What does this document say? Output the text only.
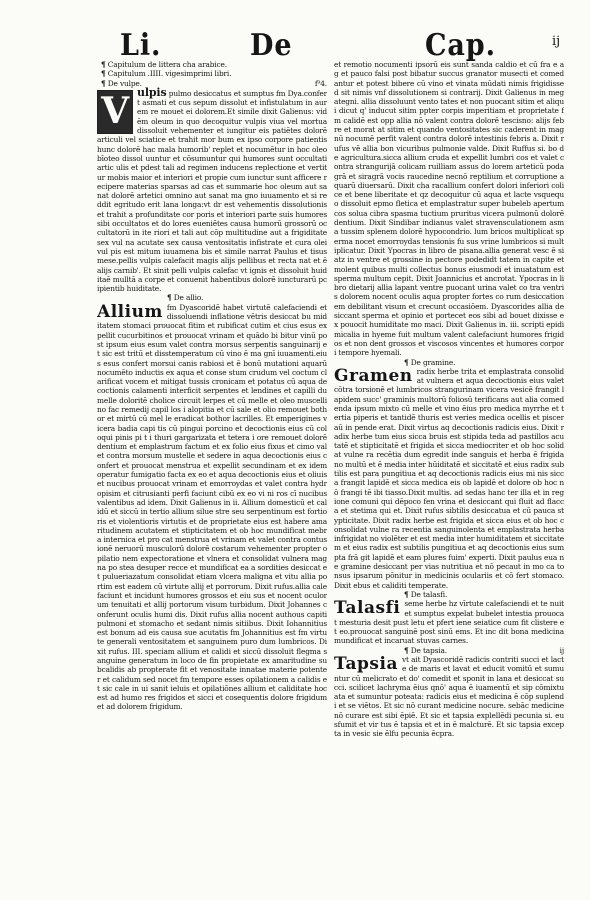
Li.	De	Cap.	ij

¶ Capitulum de littera cha arabice.

¶ Capitulum .IIII. vigesimprimi libri.

¶ De vulpe.	f⁹4.

V ulpis pulmo desiccatus et sumptus fm Dya.confert asmati et cus sepum dissolut et infistulatum in aurem re mouet ei dolorem.Et simile dixit Galienus: vidēm oleum in quo decoquitur vulpis viua vel mortua dissoluit vehementer et iungitur eis patiētes dolorē articuli vel sciatice et trahit mor bum ex ipso corpore patientis hunc dolorē hac mala humorib' replet et nocumētur in hoc oleo bīoteo dissol uuntur et cōsumuntur qui humores sunt occultati artic ulis et pdest tali ad regimen inducens replectione et vertitur mobis maior et interiori et propie cum iunctur sunt afficere recipere materias sparsas ad cas et summarie hoc oleum aut sanat dolorē artetici omnino aut sanat ma gno iuuamento et si reddit egritudo erit lana longa:vt dr est vehementis dissolutionis et trahit a profunditate cor poris et interiori parte suis humores sibi occultatos et do lores eueniētes causa humorū grossorū occultatorū in ite riori et tali aut cōp multitudine aut a frigiditate sex vul na acutate sex causa ventositatis infistrate et cura olei vul pis est mitum iuuamena bis et simile narrat Paulus et tisus mese.pellis vulpis calefacit magis alijs pellibus et recta nat et ē alijs carnib'. Et sinit pelli vulpis calefac vt ignis et dissoluit huiditaē mulltā a corpe et conuenit habentibus dolorē iuncturarū pcipientib huiditate.

¶ De allio.

Allium fm Dyascoridē habet virtutē calefaciendi et dissoluendi inflatione vētris desiccat bu miditatem stomaci prouocat fitim et rubificat cutim et cius esus expellit cucurbitinos et prouocat vrinam et quādo bi bitur vinū post ipsum eius esum valet contra morsus serpentis sanguinarij et sic est tritū et disstemperatum cū vino ē ma gnī iuuamenti.eius esus confert morsui canis rabiosi et ē bonū mutationi aquarū nocumēto inductis ex aqua et conse stum crudum vel coctum clarificat vocem et mitigat tussis cronicam et potatus cū aqua decoctionis calamenti interficit serpentes et lendines et capilli du melle doloritē cholice circuit lerpes et cū melle et oleo muscellino fac remedij capil los i alopitia et cū sale et olio remouet bothor et mirtū cū mel le eradicat bothor lacrilles. Et emperigines vicera badia capi tis cū pingui porcino et decoctionis eius cū coloqui pinis pi t i thuri gargarizata et tetera i ore remouet dolorē dentium et emplastrum factum et ex folio eius fixus et cimo valet contra morsum mustelle et sedere in aqua decoctionis eius confert et prouocat menstrua et expellit secundinam et ex idem operatur fumigatio facta ex eo et aqua decoctionis eius et oliuis et nucibus prouocat vrinam et emorroydas et valet contra hydropisim et citrusianti perfi faciunt cibū ex eo vi ni ros cī nucibus valentibus ad idem. Dixit Galienus in ii. Allium domesticū et calidū et siccū in tertio allium silue stre seu serpentinum est fortioris et violentioris virtutis et de proprietate eius est habere amaritudinem acutatem et stipticitatem et ob hoc mundificat mebra internica et pro cat menstrua et vrinam et valet contra contusionē neruorū musculorū dolorē costarum vehementer propter opilatio nem expectoratione et vlnera et consolidat vulnera magna po stea desuper recce et mundificat ea a sordities desiccat et pulueriazatum consolidat etiam vlcera maligna et vitu allia portim est eadem cū virtute allij et porrorum. Dixit rufus.allia calefaciunt et incidunt humores grossos et eiu sus et nocent oculorum tenuitati et allij portorum visum turbidum. Dixit Johannes conferunt oculis humi dis. Dixit rufus allia nocent authous capiti pulmoni et stomacho et sedant nimis sitiibus. Dixit Iohannitius est bonum ad eis causa sue acutatis fm Johannitius est fm virtute generali ventositatem et sanguinem puro dum lumbricos. Dixit rufus. III. speciam allium et calidi et siccū dissoluit flegma sanguine generatum in loco de fin propietate ex amaritudine subcalidis ab propterate fit et venositate innatae materie potenter et calidum sed nocet fm tempore esses opilationem a calidis et sic cale in ui sanit ieluis et opilatiōnes allium et caliditate hoc est ad humo res frigidos et sicci et cosequentis dolore frigidum et ad dolorem frigidum.

et remotio nocumenti ipsorū eis sunt sanda caldio et cū fra e ag et pauco falsi post bibatur succus granator musecti et comedantur et potest bibere cū vino et vinata mūdati nimis frigidissed sit nimis vnf dissolutionem si contrarij. Dixit Galienus in megategni. allia dissoluunt vento tates et non puocant sitim et aliqui dicut q' inducut sitim ppter corpis imperitiam et proprietate fm calidē est opp allia nō valent contra dolorē tescisno: alijs febre et morat at sitim et quando ventositates sic caderent in magnū nocumē perfit valent contra dolorē intestinis febris a. Dixit rufus vē allia bon vicuribus pulmonie valde. Dixit Ruffus si. bo de agricultura.sicca allium cruda et expellit lumbri cos et valet contra strangurijā colicam ruilliam assus do lorem arteticū podagrā et siragrā vocis raucedine necnō reptilium et corruptione aquarū diuersarū. Dixit cha racallium confert dolori inferiori colice et bene liberitate et qz decoquitur cū aqua et lacte vsquequo dissoluit epmo fletica et emplastratur super bubeleb apertum cos solua cibra spasma tuctium pruritus vicera pulmonū dolorē dentium. Dixit Sindibar indianus valet stravensculationem asma tussim splenem dolorē hypocondrio. lum bricos multiplicat sperma nocet emorroydas tensionis fu sus vrine lumbricos si multiplicatur. Dixit Ypocras in libro de pisana.allia generat vesc ē siatz in ventre et grossine in pectore podedidt tatem in capite et molent quibus multi collectus bonus eiusmodi et inuatatum est sperma multum cepit. Dixit Joannicius et ancrotat. Ypocras in libro dietarij allia lapant ventre puocant urina valet co tra ventris dolorem nocent oculis aqua propter fortes co rum desiccationem debilitant visum et crecunt occasiōem. Dyascorides allia desiccant sperma et opinio et portecet eos sibi ad bouet dixisse ex pouocit humiditate mo maci. Dixit Galienus in. iii. scripti epidimicalia in hyeme fuit multum valent calefaciunt humores frigidos et non dent grossos et viscosos vincentes et humores corpori tempore hyemali.

¶ De gramine.

Gramen radix herbe trita et emplastrata consolidat vulnera et aqua decoctionis eius valet cōtra torsionē et lumbricos strangurinam vicera vesicē frangit lapidem succ' graminis multorū foliosū terificans aut alia comedenda ipsum mixto cū melle et vino ēius pro medica myrrhe et tertia piperis et tantidē thuris est veries medica ocellis et pisceraū in pende erat. Dixit virtus aq decoctionis radicis eius. Dixit radix herbe tum eius sicca bruis est stipida teda ad pastillos acutatē et stipticitatē et frigida et sicca mediocriter et ob hoc solidat vulne ra recētia dum egredit inde sanguis et herba ē frigida no multū et ē media inter hūiditatē et siccitatē et eius radix subtilis est para pungitiua et aq decoctionis radicis eius mi nis sicca frangit lapidē et sicca medica eis ob lapidē et dolore ob hoc nō frangi tē ibi tiasso.Dixit multis. ad sedas hanc ter illa et in regione comuni qui dēpoco fen vrina et desiccant qui fluit ad flacca et stetima qui et. Dixit rufus sibtilis desiccatua et cū pauca stypticitate. Dixit radix herbe est frigida et sicca eius et ob hoc consolidat vulne ra recentia sanguinolenta et emplastrata herba infrigidat no violēter et est media inter humiditatem et siccitatem et eius radix est subtilis pungitiua et aq decoctionis eius sumpta frā git lapidē et eam plures fuim' experti. Dixit paulus eua ne gramine desiccant per vias nutritiua et nō pecaut in mo ca tonsus ipsarum pōnitur in medicinis oculariis et cō fert stomaco. Dixit ebus et caliditi temperate.

¶ De talasfi.

Talasfi seme herbe hz vīrtute calefaciendi et te nuit et sumptus expelat bubelet intestia prouocat mesturia desit pust letu et pfert iene seiatice cum fit clistere et eo.prouocat sanguinē post sinū ems. Et inc dit bona medicina mundificat et incaruat stuvas carnes.

¶ De tapsia.	ij

Tapsia vt ait Dyascoridē radicis contriti succi et lacte de maris et lavat et educit vomitū et sumuntur cū melicrato et do' comedit et sponit in lana et desiccat succi. scilicet lachryma ēius qnō' aqua ē iuamentū et sip cōmixtuata et sumuntur poteata: radicis eius et medicina ē cōp suplendi et se viētos. Et sic nō curant medicine nocure. sebāc medicine nō curare est sibi ēpiē. Et sic et tapsia explellēdi pecunia si. eu sfumit et vir tus ē tapsia et et in ē malcturē. Et sic tapsia excepta in vesic sie ēlfu pecunia ēcpra.
